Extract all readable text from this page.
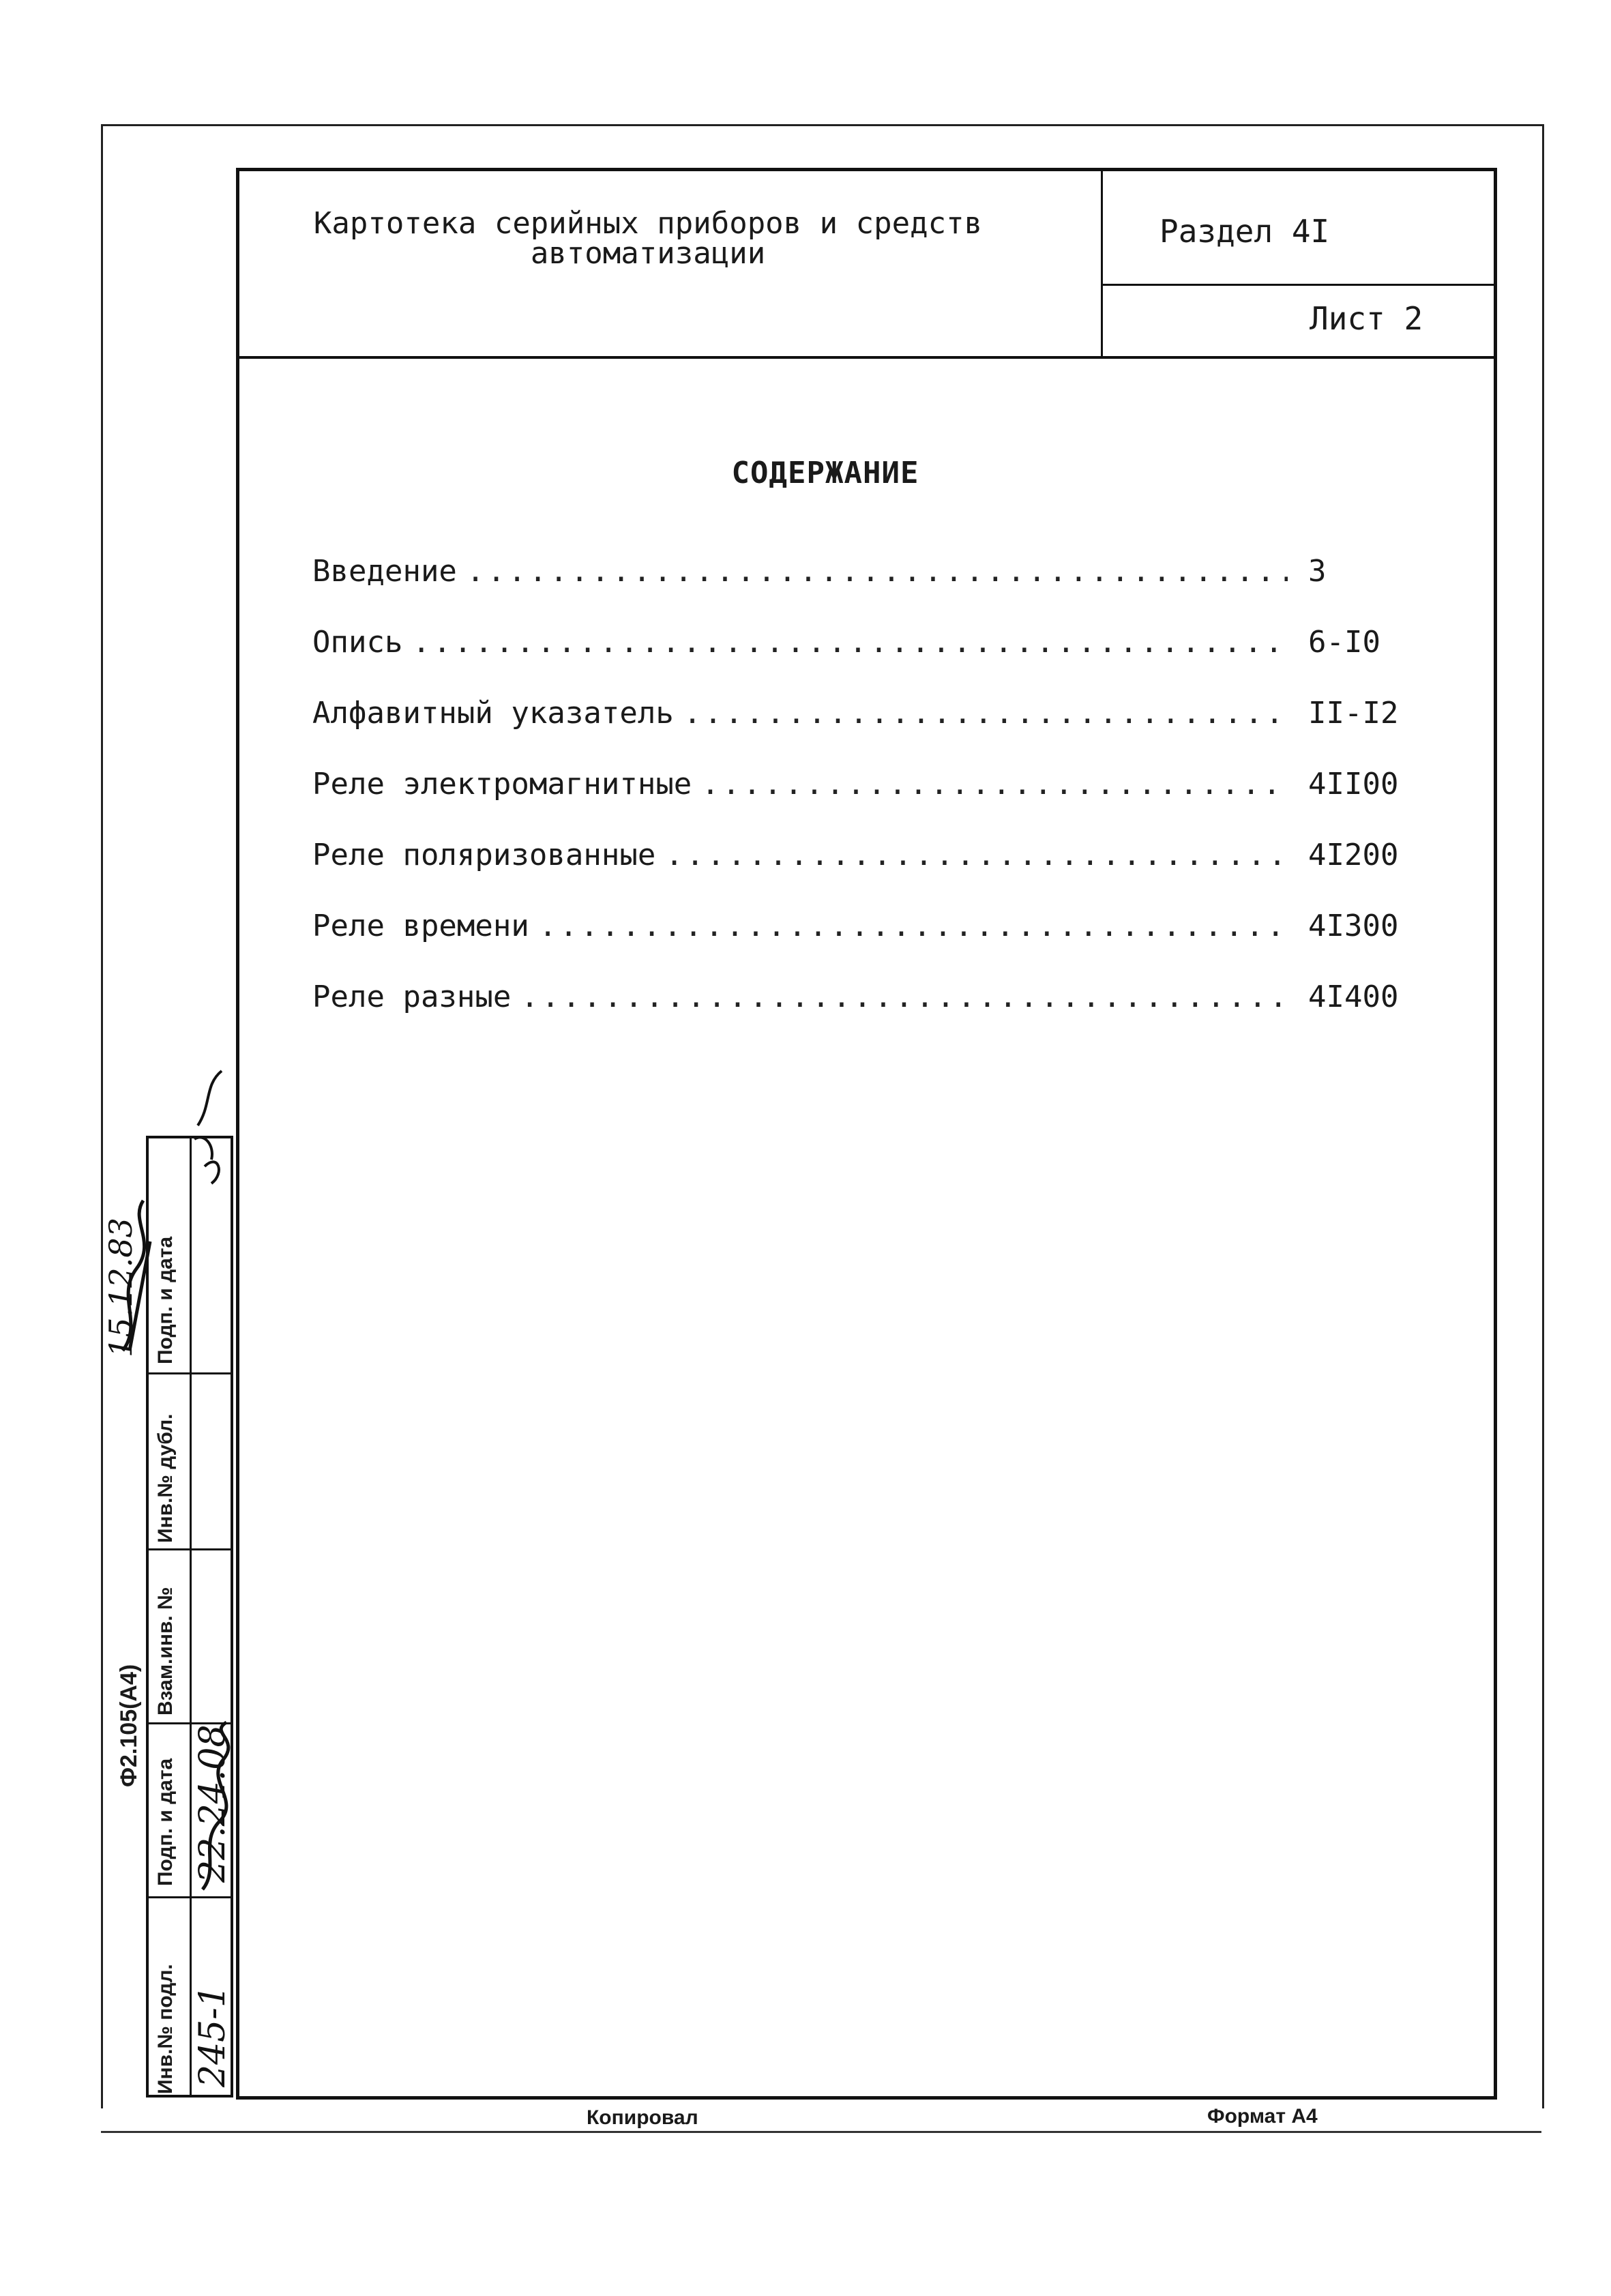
Картотека серийных приборов и средств
автоматизации
Раздел 4I
Лист 2
СОДЕРЖАНИЕ
Введение .....	3
Опись .....	6-I0
Алфавитный указатель .....	II-I2
Реле электромагнитные .....	4II00
Реле поляризованные .....	4I200
Реле времени .....	4I300
Реле разные .....	4I400
Инв.№ подл.
Подп. и дата
Взам.инв. №
Инв.№ дубл.
Подп. и дата
245-1
22.24.08
15.12.83
Ф2.105(А4)
Копировал	Формат А4
